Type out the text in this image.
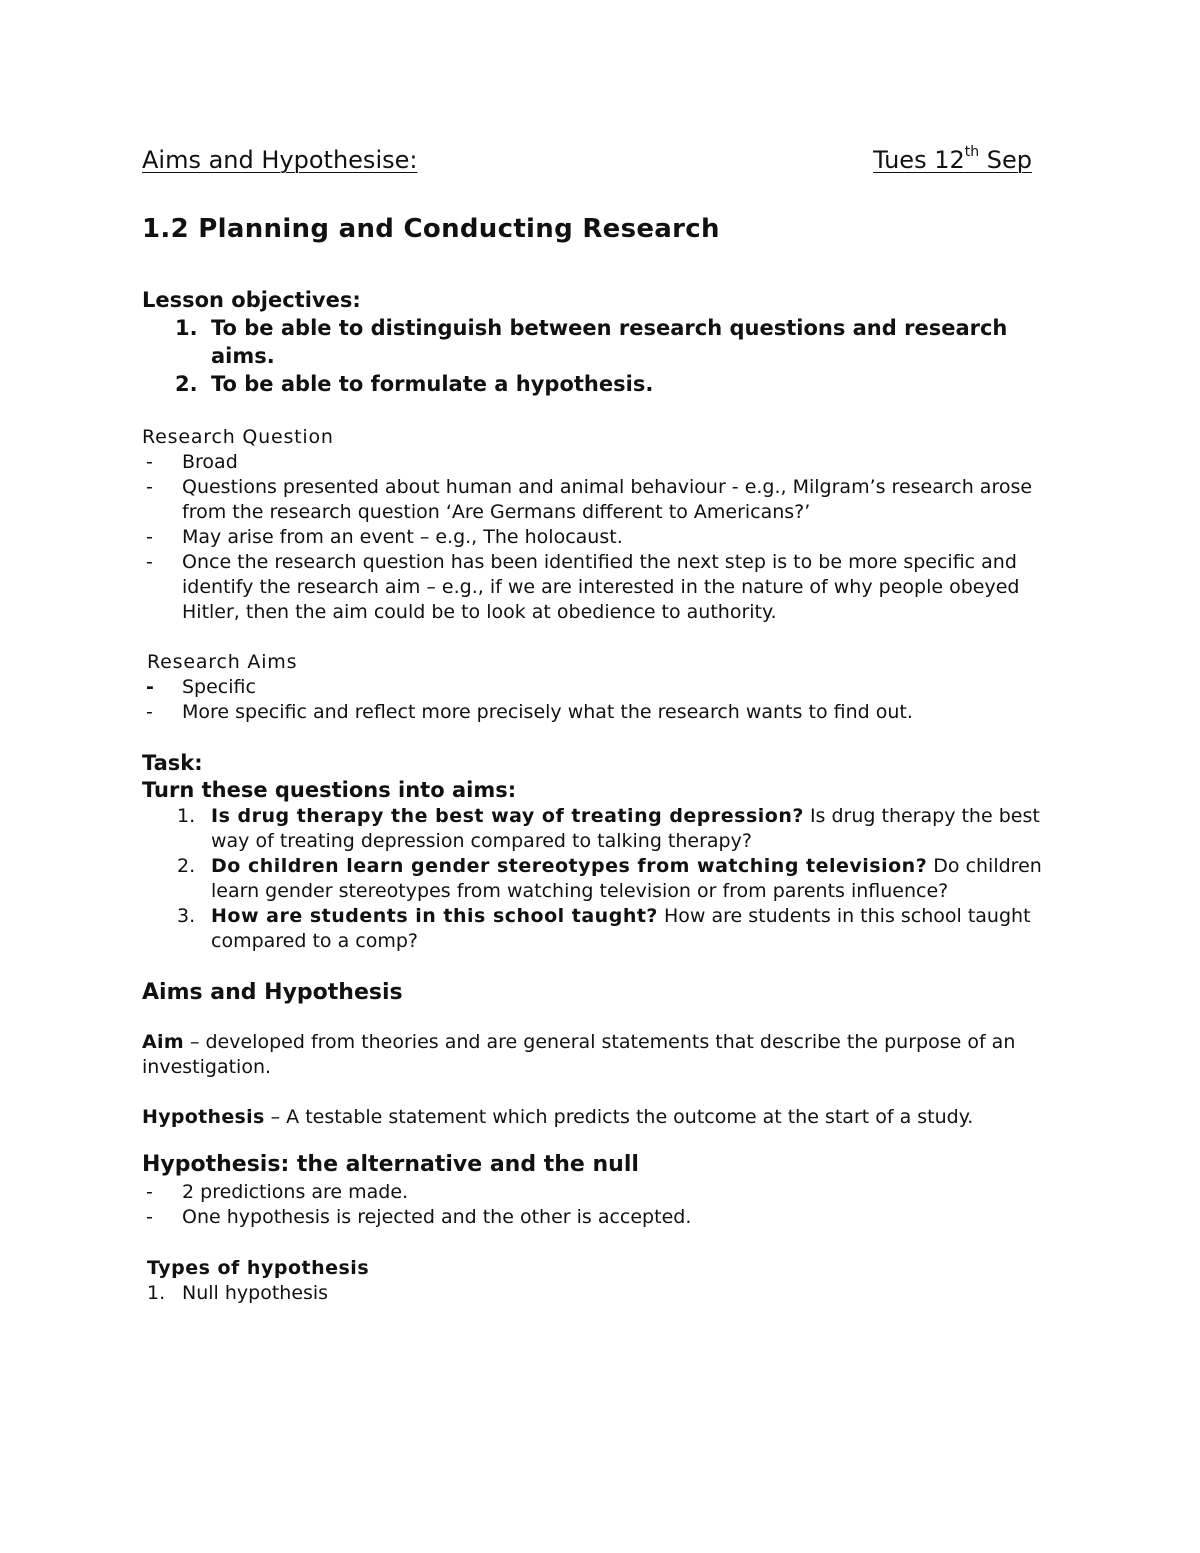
Aims and Hypothesise:	Tues 12th Sep
1.2 Planning and Conducting Research
Lesson objectives:
1. To be able to distinguish between research questions and research aims.
2. To be able to formulate a hypothesis.
Research Question
- Broad
- Questions presented about human and animal behaviour - e.g., Milgram’s research arose from the research question ‘Are Germans different to Americans?’
- May arise from an event – e.g., The holocaust.
- Once the research question has been identified the next step is to be more specific and identify the research aim – e.g., if we are interested in the nature of why people obeyed Hitler, then the aim could be to look at obedience to authority.
Research Aims
- Specific
- More specific and reflect more precisely what the research wants to find out.
Task:
Turn these questions into aims:
1. Is drug therapy the best way of treating depression? Is drug therapy the best way of treating depression compared to talking therapy?
2. Do children learn gender stereotypes from watching television? Do children learn gender stereotypes from watching television or from parents influence?
3. How are students in this school taught? How are students in this school taught compared to a comp?
Aims and Hypothesis

Aim – developed from theories and are general statements that describe the purpose of an investigation.

Hypothesis – A testable statement which predicts the outcome at the start of a study.

Hypothesis: the alternative and the null
- 2 predictions are made.
- One hypothesis is rejected and the other is accepted.
Types of hypothesis
1. Null hypothesis
